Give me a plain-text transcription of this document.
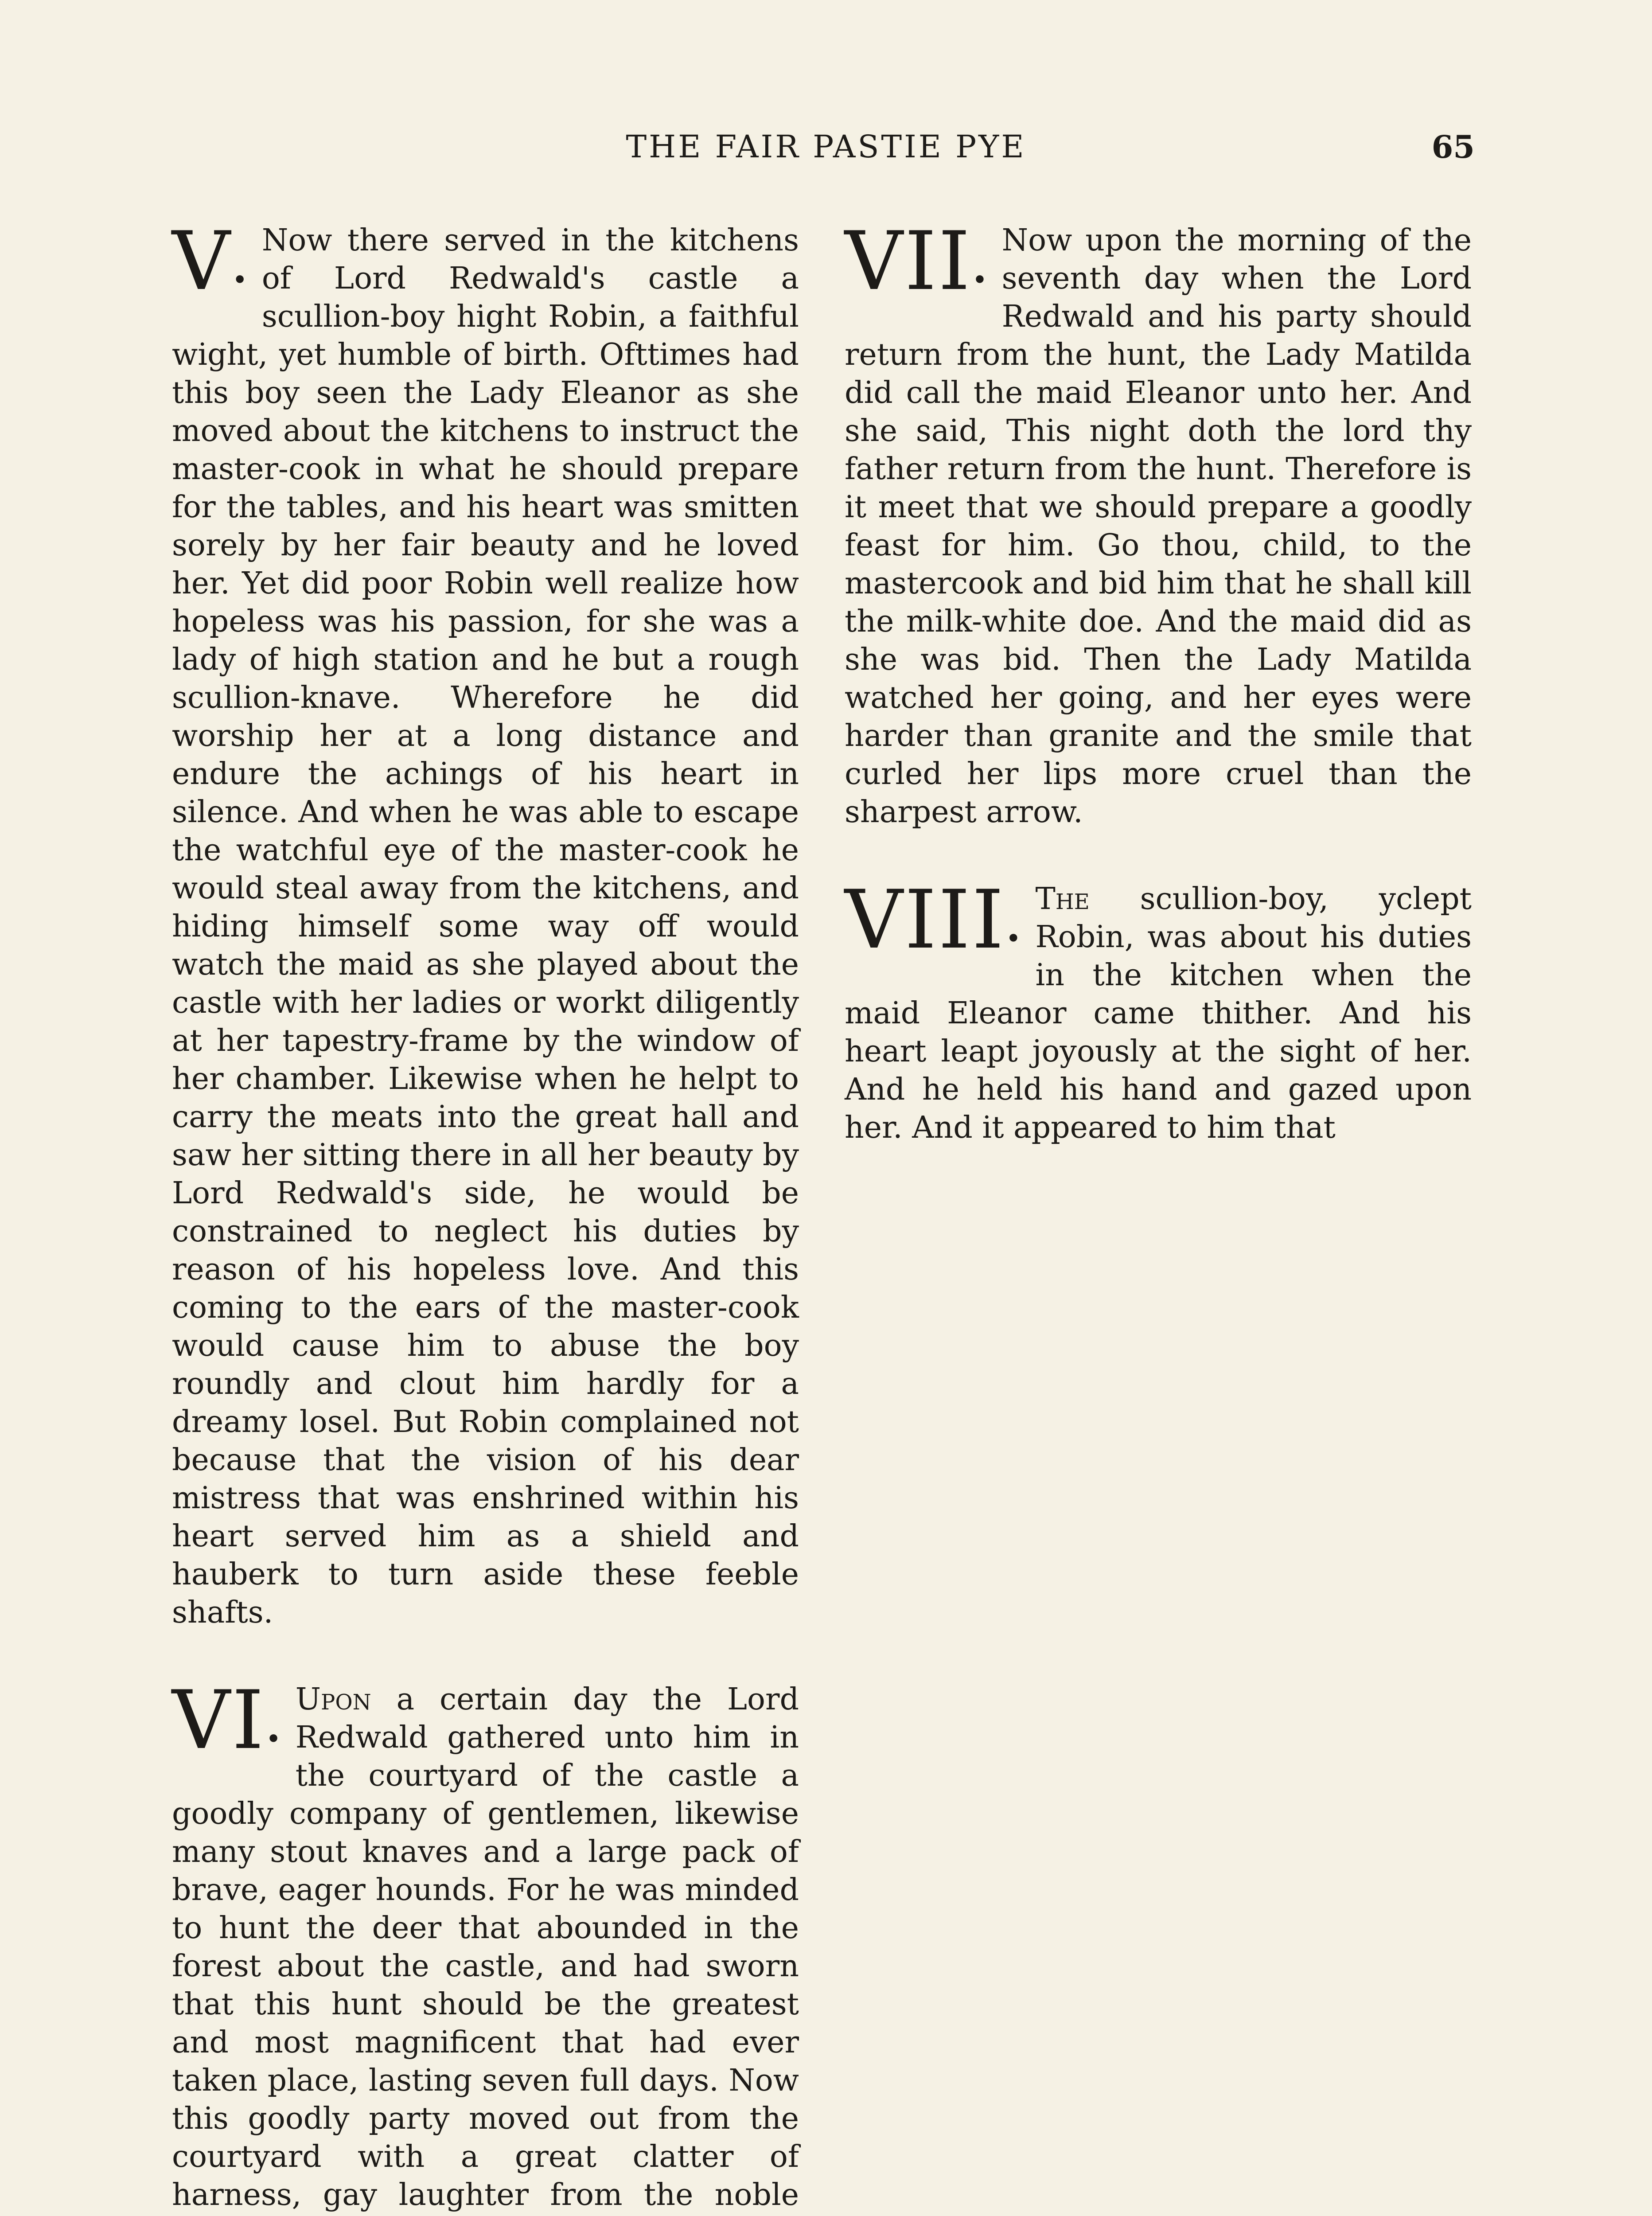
THE FAIR PASTIE PYE	65

V•
Now there served in the kitchens of Lord Redwald's castle a scullion-boy hight Robin, a faithful wight, yet humble of birth. Ofttimes had this boy seen the Lady Eleanor as she moved about the kitchens to instruct the master-cook in what he should prepare for the tables, and his heart was smitten sorely by her fair beauty and he loved her. Yet did poor Robin well realize how hopeless was his passion, for she was a lady of high station and he but a rough scullion-knave. Wherefore he did worship her at a long distance and endure the achings of his heart in silence. And when he was able to escape the watchful eye of the master-cook he would steal away from the kitchens, and hiding himself some way off would watch the maid as she played about the castle with her ladies or workt diligently at her tapestry-frame by the window of her chamber. Likewise when he helpt to carry the meats into the great hall and saw her sitting there in all her beauty by Lord Redwald's side, he would be constrained to neglect his duties by reason of his hopeless love. And this coming to the ears of the master-cook would cause him to abuse the boy roundly and clout him hardly for a dreamy losel. But Robin complained not because that the vision of his dear mistress that was enshrined within his heart served him as a shield and hauberk to turn aside these feeble shafts.

VI•
Upon a certain day the Lord Redwald gathered unto him in the courtyard of the castle a goodly company of gentlemen, likewise many stout knaves and a large pack of brave, eager hounds. For he was minded to hunt the deer that abounded in the forest about the castle, and had sworn that this hunt should be the greatest and most magnificent that had ever taken place, lasting seven full days. Now this goodly party moved out from the courtyard with a great clatter of harness, gay laughter from the noble

VII•
Now upon the morning of the seventh day when the Lord Redwald and his party should return from the hunt, the Lady Matilda did call the maid Eleanor unto her. And she said, This night doth the lord thy father return from the hunt. Therefore is it meet that we should prepare a goodly feast for him. Go thou, child, to the mastercook and bid him that he shall kill the milk-white doe. And the maid did as she was bid. Then the Lady Matilda watched her going, and her eyes were harder than granite and the smile that curled her lips more cruel than the sharpest arrow.

VIII•
The scullion-boy, yclept Robin, was about his duties in the kitchen when the maid Eleanor came thither. And his heart leapt joyously at the sight of her. And he held his hand and gazed upon her. And it appeared to him that
